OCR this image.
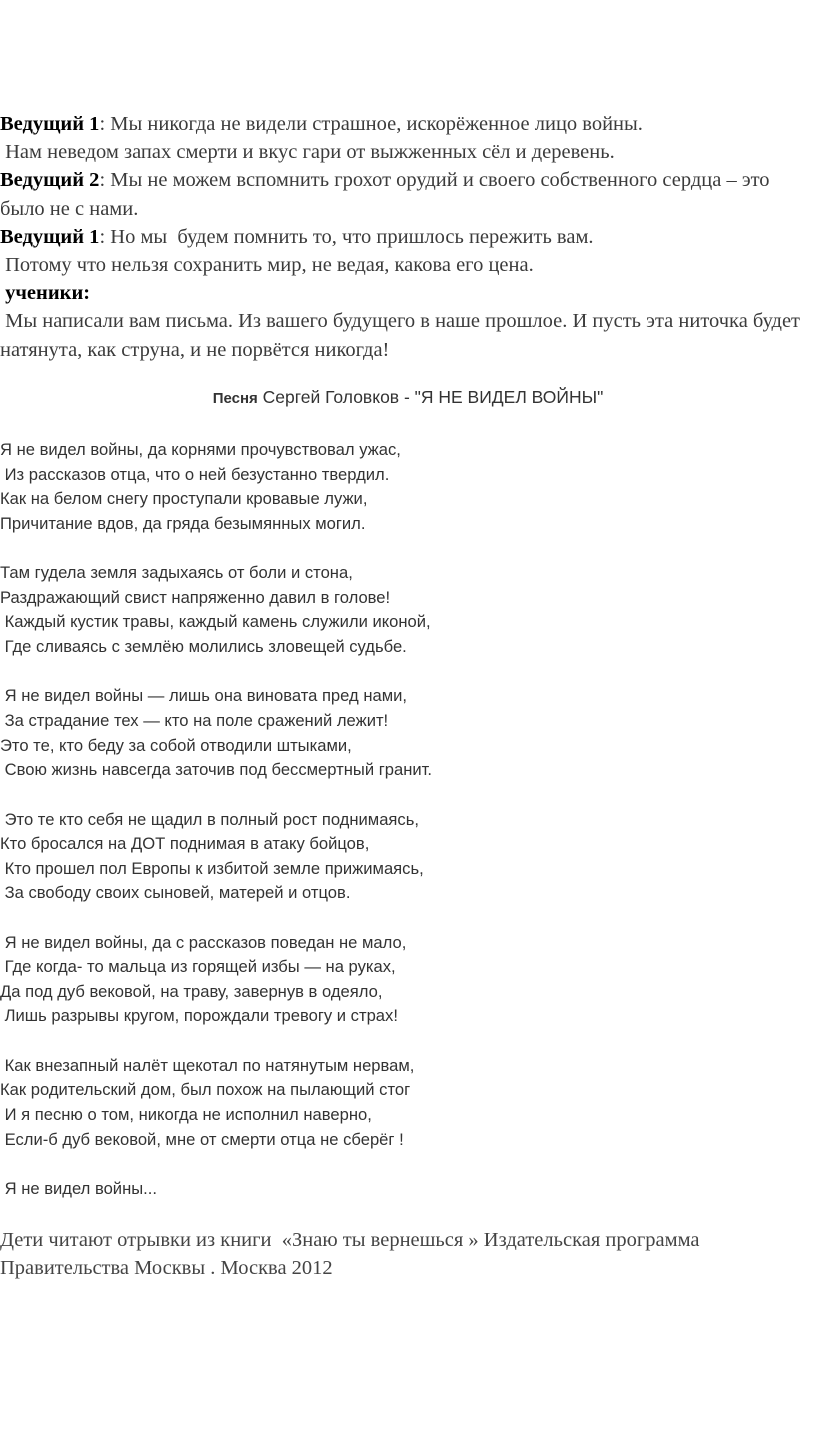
Ведущий 1: Мы никогда не видели страшное, искорёженное лицо войны.

Нам неведом запах смерти и вкус гари от выжженных сёл и деревень.

Ведущий 2: Мы не можем вспомнить грохот орудий и своего собственного сердца – это было не с нами.

Ведущий 1: Но мы  будем помнить то, что пришлось пережить вам.

Потому что нельзя сохранить мир, не ведая, какова его цена.

ученики:

Мы написали вам письма. Из вашего будущего в наше прошлое. И пусть эта ниточка будет натянута, как струна, и не порвётся никогда!

Песня Сергей Головков - "Я НЕ ВИДЕЛ ВОЙНЫ"
Я не видел войны, да корнями прочувствовал ужас,
Из рассказов отца, что о ней безустанно твердил.
Как на белом снегу проступали кровавые лужи,
Причитание вдов, да гряда безымянных могил.
Там гудела земля задыхаясь от боли и стона,
Раздражающий свист напряженно давил в голове!
Каждый кустик травы, каждый камень служили иконой,
Где сливаясь с землёю молились зловещей судьбе.
Я не видел войны — лишь она виновата пред нами,
За страдание тех — кто на поле сражений лежит!
Это те, кто беду за собой отводили штыками,
Свою жизнь навсегда заточив под бессмертный гранит.
Это те кто себя не щадил в полный рост поднимаясь,
Кто бросался на ДОТ поднимая в атаку бойцов,
Кто прошел пол Европы к избитой земле прижимаясь,
За свободу своих сыновей, матерей и отцов.
Я не видел войны, да с рассказов поведан не мало,
Где когда- то мальца из горящей избы — на руках,
Да под дуб вековой, на траву, завернув в одеяло,
Лишь разрывы кругом, порождали тревогу и страх!
Как внезапный налёт щекотал по натянутым нервам,
Как родительский дом, был похож на пылающий стог
И я песню о том, никогда не исполнил наверно,
Если-б дуб вековой, мне от смерти отца не сберёг !
Я не видел войны...
Дети читают отрывки из книги  «Знаю ты вернешься » Издательская программа Правительства Москвы . Москва 2012
